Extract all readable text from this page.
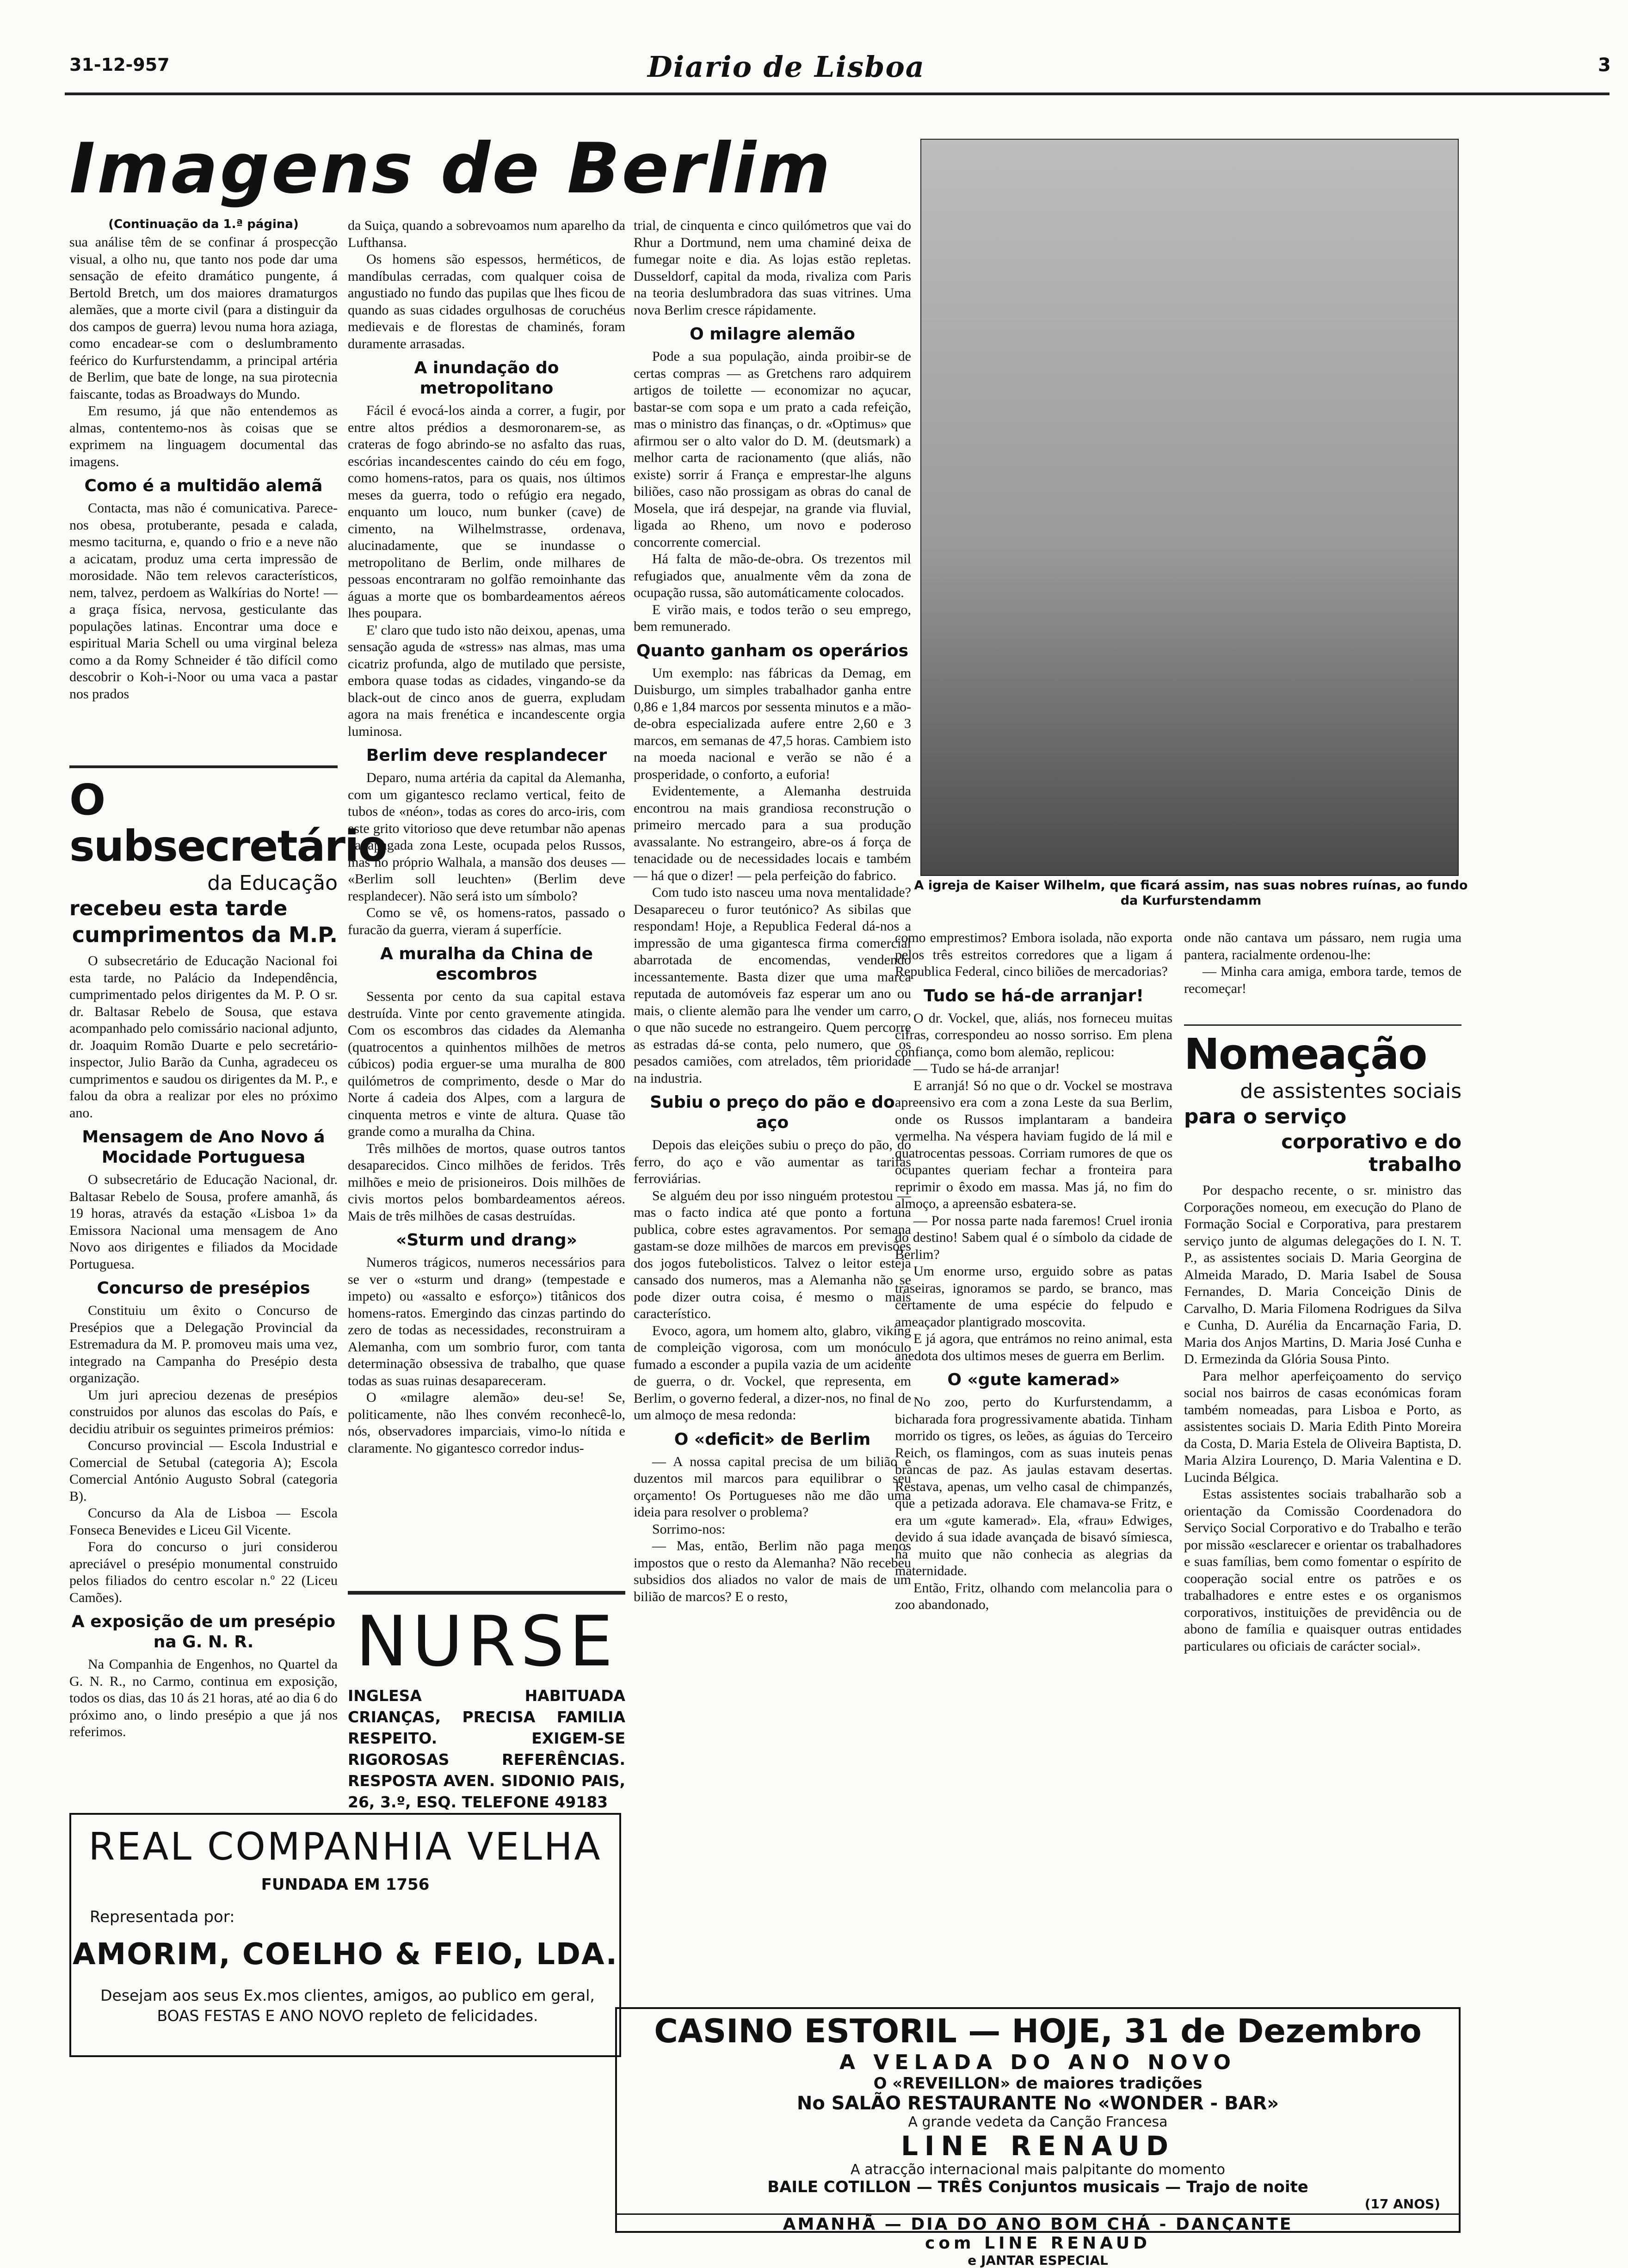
31-12-957	Diario de Lisboa	3
Imagens de Berlim
A igreja de Kaiser Wilhelm, que ficará assim, nas suas nobres ruínas, ao fundo da Kurfurstendamm
(Continuação da 1.ª página)

sua análise têm de se confinar á prospecção visual, a olho nu, que tanto nos pode dar uma sensação de efeito dramático pungente, á Bertold Bretch, um dos maiores dramaturgos alemães, que a morte civil (para a distinguir da dos campos de guerra) levou numa hora aziaga, como encadear-se com o deslumbramento feérico do Kurfurstendamm, a principal artéria de Berlim, que bate de longe, na sua pirotecnia faiscante, todas as Broadways do Mundo.

Em resumo, já que não entendemos as almas, contentemo-nos às coisas que se exprimem na linguagem documental das imagens.

Como é a multidão alemã

Contacta, mas não é comunicativa. Parece-nos obesa, protuberante, pesada e calada, mesmo taciturna, e, quando o frio e a neve não a acicatam, produz uma certa impressão de morosidade. Não tem relevos característicos, nem, talvez, perdoem as Walkírias do Norte! — a graça física, nervosa, gesticulante das populações latinas. Encontrar uma doce e espiritual Maria Schell ou uma virginal beleza como a da Romy Schneider é tão difícil como descobrir o Koh-i-Noor ou uma vaca a pastar nos prados

da Suiça, quando a sobrevoamos num aparelho da Lufthansa.

Os homens são espessos, herméticos, de mandíbulas cerradas, com qualquer coisa de angustiado no fundo das pupilas que lhes ficou de quando as suas cidades orgulhosas de coruchéus medievais e de florestas de chaminés, foram duramente arrasadas.

A inundação do metropolitano

Fácil é evocá-los ainda a correr, a fugir, por entre altos prédios a desmoronarem-se, as crateras de fogo abrindo-se no asfalto das ruas, escórias incandescentes caindo do céu em fogo, como homens-ratos, para os quais, nos últimos meses da guerra, todo o refúgio era negado, enquanto um louco, num bunker (cave) de cimento, na Wilhelmstrasse, ordenava, alucinadamente, que se inundasse o metropolitano de Berlim, onde milhares de pessoas encontraram no golfão remoinhante das águas a morte que os bombardeamentos aéreos lhes poupara.

E' claro que tudo isto não deixou, apenas, uma sensação aguda de «stress» nas almas, mas uma cicatriz profunda, algo de mutilado que persiste, embora quase todas as cidades, vingando-se da black-out de cinco anos de guerra, expludam agora na mais frenética e incandescente orgia luminosa.

Berlim deve resplandecer

Deparo, numa artéria da capital da Alemanha, com um gigantesco reclamo vertical, feito de tubos de «néon», todas as cores do arco-iris, com este grito vitorioso que deve retumbar não apenas na apagada zona Leste, ocupada pelos Russos, mas no próprio Walhala, a mansão dos deuses — «Berlim soll leuchten» (Berlim deve resplandecer). Não será isto um símbolo?

Como se vê, os homens-ratos, passado o furacão da guerra, vieram á superfície.

A muralha da China de escombros

Sessenta por cento da sua capital estava destruída. Vinte por cento gravemente atingida. Com os escombros das cidades da Alemanha (quatrocentos a quinhentos milhões de metros cúbicos) podia erguer-se uma muralha de 800 quilómetros de comprimento, desde o Mar do Norte á cadeia dos Alpes, com a largura de cinquenta metros e vinte de altura. Quase tão grande como a muralha da China.

Três milhões de mortos, quase outros tantos desaparecidos. Cinco milhões de feridos. Três milhões e meio de prisioneiros. Dois milhões de civis mortos pelos bombardeamentos aéreos. Mais de três milhões de casas destruídas.

«Sturm und drang»

Numeros trágicos, numeros necessários para se ver o «sturm und drang» (tempestade e impeto) ou «assalto e esforço») titânicos dos homens-ratos. Emergindo das cinzas partindo do zero de todas as necessidades, reconstruiram a Alemanha, com um sombrio furor, com tanta determinação obsessiva de trabalho, que quase todas as suas ruinas desapareceram.

O «milagre alemão» deu-se! Se, politicamente, não lhes convém reconhecê-lo, nós, observadores imparciais, vimo-lo nítida e claramente. No gigantesco corredor indus-

trial, de cinquenta e cinco quilómetros que vai do Rhur a Dortmund, nem uma chaminé deixa de fumegar noite e dia. As lojas estão repletas. Dusseldorf, capital da moda, rivaliza com Paris na teoria deslumbradora das suas vitrines. Uma nova Berlim cresce rápidamente.

O milagre alemão

Pode a sua população, ainda proibir-se de certas compras — as Gretchens raro adquirem artigos de toilette — economizar no açucar, bastar-se com sopa e um prato a cada refeição, mas o ministro das finanças, o dr. «Optimus» que afirmou ser o alto valor do D. M. (deutsmark) a melhor carta de racionamento (que aliás, não existe) sorrir á França e emprestar-lhe alguns biliões, caso não prossigam as obras do canal de Mosela, que irá despejar, na grande via fluvial, ligada ao Rheno, um novo e poderoso concorrente comercial.

Há falta de mão-de-obra. Os trezentos mil refugiados que, anualmente vêm da zona de ocupação russa, são automáticamente colocados.

E virão mais, e todos terão o seu emprego, bem remunerado.

Quanto ganham os operários

Um exemplo: nas fábricas da Demag, em Duisburgo, um simples trabalhador ganha entre 0,86 e 1,84 marcos por sessenta minutos e a mão-de-obra especializada aufere entre 2,60 e 3 marcos, em semanas de 47,5 horas. Cambiem isto na moeda nacional e verão se não é a prosperidade, o conforto, a euforia!

Evidentemente, a Alemanha destruida encontrou na mais grandiosa reconstrução o primeiro mercado para a sua produção avassalante. No estrangeiro, abre-os á força de tenacidade ou de necessidades locais e também — há que o dizer! — pela perfeição do fabrico.

Com tudo isto nasceu uma nova mentalidade? Desapareceu o furor teutónico? As sibilas que respondam! Hoje, a Republica Federal dá-nos a impressão de uma gigantesca firma comercial abarrotada de encomendas, vendendo incessantemente. Basta dizer que uma marca reputada de automóveis faz esperar um ano ou mais, o cliente alemão para lhe vender um carro, o que não sucede no estrangeiro. Quem percorre as estradas dá-se conta, pelo numero, que os pesados camiões, com atrelados, têm prioridade na industria.

Subiu o preço do pão e do aço

Depois das eleições subiu o preço do pão, do ferro, do aço e vão aumentar as tarifas ferroviárias.

Se alguém deu por isso ninguém protestou — mas o facto indica até que ponto a fortuna publica, cobre estes agravamentos. Por semana gastam-se doze milhões de marcos em previsões dos jogos futebolisticos. Talvez o leitor esteja cansado dos numeros, mas a Alemanha não se pode dizer outra coisa, é mesmo o mais característico.

Evoco, agora, um homem alto, glabro, viking de compleição vigorosa, com um monóculo fumado a esconder a pupila vazia de um acidente de guerra, o dr. Vockel, que representa, em Berlim, o governo federal, a dizer-nos, no final de um almoço de mesa redonda:

O «deficit» de Berlim

— A nossa capital precisa de um bilião e duzentos mil marcos para equilibrar o seu orçamento! Os Portugueses não me dão uma ideia para resolver o problema?

Sorrimo-nos:

— Mas, então, Berlim não paga menos impostos que o resto da Alemanha? Não recebeu subsidios dos aliados no valor de mais de um bilião de marcos? E o resto,

como emprestimos? Embora isolada, não exporta pelos três estreitos corredores que a ligam á Republica Federal, cinco biliões de mercadorias?

Tudo se há-de arranjar!

O dr. Vockel, que, aliás, nos forneceu muitas cifras, correspondeu ao nosso sorriso. Em plena confiança, como bom alemão, replicou:

— Tudo se há-de arranjar!

E arranjá! Só no que o dr. Vockel se mostrava apreensivo era com a zona Leste da sua Berlim, onde os Russos implantaram a bandeira vermelha. Na véspera haviam fugido de lá mil e quatrocentas pessoas. Corriam rumores de que os ocupantes queriam fechar a fronteira para reprimir o êxodo em massa. Mas já, no fim do almoço, a apreensão esbatera-se.

— Por nossa parte nada faremos! Cruel ironia do destino! Sabem qual é o símbolo da cidade de Berlim?

Um enorme urso, erguido sobre as patas traseiras, ignoramos se pardo, se branco, mas certamente de uma espécie do felpudo e ameaçador plantigrado moscovita.

E já agora, que entrámos no reino animal, esta anedota dos ultimos meses de guerra em Berlim.

O «gute kamerad»

No zoo, perto do Kurfurstendamm, a bicharada fora progressivamente abatida. Tinham morrido os tigres, os leões, as águias do Terceiro Reich, os flamingos, com as suas inuteis penas brancas de paz. As jaulas estavam desertas. Restava, apenas, um velho casal de chimpanzés, que a petizada adorava. Ele chamava-se Fritz, e era um «gute kamerad». Ela, «frau» Edwiges, devido á sua idade avançada de bisavó símiesca, há muito que não conhecia as alegrias da maternidade.

Então, Fritz, olhando com melancolia para o zoo abandonado,

onde não cantava um pássaro, nem rugia uma pantera, racialmente ordenou-lhe:

— Minha cara amiga, embora tarde, temos de recomeçar!

Nomeação
de assistentes sociais
para o serviço
corporativo e do trabalho

Por despacho recente, o sr. ministro das Corporações nomeou, em execução do Plano de Formação Social e Corporativa, para prestarem serviço junto de algumas delegações do I. N. T. P., as assistentes sociais D. Maria Georgina de Almeida Marado, D. Maria Isabel de Sousa Fernandes, D. Maria Conceição Dinis de Carvalho, D. Maria Filomena Rodrigues da Silva e Cunha, D. Aurélia da Encarnação Faria, D. Maria dos Anjos Martins, D. Maria José Cunha e D. Ermezinda da Glória Sousa Pinto.

Para melhor aperfeiçoamento do serviço social nos bairros de casas económicas foram também nomeadas, para Lisboa e Porto, as assistentes sociais D. Maria Edith Pinto Moreira da Costa, D. Maria Estela de Oliveira Baptista, D. Maria Alzira Lourenço, D. Maria Valentina e D. Lucinda Bélgica.

Estas assistentes sociais trabalharão sob a orientação da Comissão Coordenadora do Serviço Social Corporativo e do Trabalho e terão por missão «esclarecer e orientar os trabalhadores e suas famílias, bem como fomentar o espírito de cooperação social entre os patrões e os trabalhadores e entre estes e os organismos corporativos, instituições de previdência ou de abono de família e quaisquer outras entidades particulares ou oficiais de carácter social».

O subsecretário
da Educação
recebeu esta tarde
cumprimentos da M.P.

O subsecretário de Educação Nacional foi esta tarde, no Palácio da Independência, cumprimentado pelos dirigentes da M. P. O sr. dr. Baltasar Rebelo de Sousa, que estava acompanhado pelo comissário nacional adjunto, dr. Joaquim Romão Duarte e pelo secretário-inspector, Julio Barão da Cunha, agradeceu os cumprimentos e saudou os dirigentes da M. P., e falou da obra a realizar por eles no próximo ano.

Mensagem de Ano Novo á Mocidade Portuguesa

O subsecretário de Educação Nacional, dr. Baltasar Rebelo de Sousa, profere amanhã, ás 19 horas, através da estação «Lisboa 1» da Emissora Nacional uma mensagem de Ano Novo aos dirigentes e filiados da Mocidade Portuguesa.

Concurso de presépios

Constituiu um êxito o Concurso de Presépios que a Delegação Provincial da Estremadura da M. P. promoveu mais uma vez, integrado na Campanha do Presépio desta organização.

Um juri apreciou dezenas de presépios construidos por alunos das escolas do País, e decidiu atribuir os seguintes primeiros prémios:

Concurso provincial — Escola Industrial e Comercial de Setubal (categoria A); Escola Comercial António Augusto Sobral (categoria B).

Concurso da Ala de Lisboa — Escola Fonseca Benevides e Liceu Gil Vicente.

Fora do concurso o juri considerou apreciável o presépio monumental construido pelos filiados do centro escolar n.º 22 (Liceu Camões).

A exposição de um presépio na G. N. R.

Na Companhia de Engenhos, no Quartel da G. N. R., no Carmo, continua em exposição, todos os dias, das 10 ás 21 horas, até ao dia 6 do próximo ano, o lindo presépio a que já nos referimos.

NURSE
INGLESA HABITUADA CRIANÇAS, PRECISA FAMILIA RESPEITO. EXIGEM-SE RIGOROSAS REFERÊNCIAS. RESPOSTA AVEN. SIDONIO PAIS, 26, 3.º, ESQ. TELEFONE 49183
REAL COMPANHIA VELHA
FUNDADA EM 1756
Representada por:
AMORIM, COELHO & FEIO, LDA.
Desejam aos seus Ex.mos clientes, amigos, ao publico em geral, BOAS FESTAS E ANO NOVO repleto de felicidades.	CASINO ESTORIL — HOJE, 31 de Dezembro
A VELADA DO ANO NOVO
O «REVEILLON» de maiores tradições
No SALÃO RESTAURANTE No «WONDER - BAR»
A grande vedeta da Canção Francesa
LINE RENAUD
A atracção internacional mais palpitante do momento
BAILE COTILLON — TRÊS Conjuntos musicais — Trajo de noite
(17 ANOS)
AMANHÃ — DIA DO ANO BOM CHÁ - DANÇANTE
com LINE RENAUD
e JANTAR ESPECIAL
